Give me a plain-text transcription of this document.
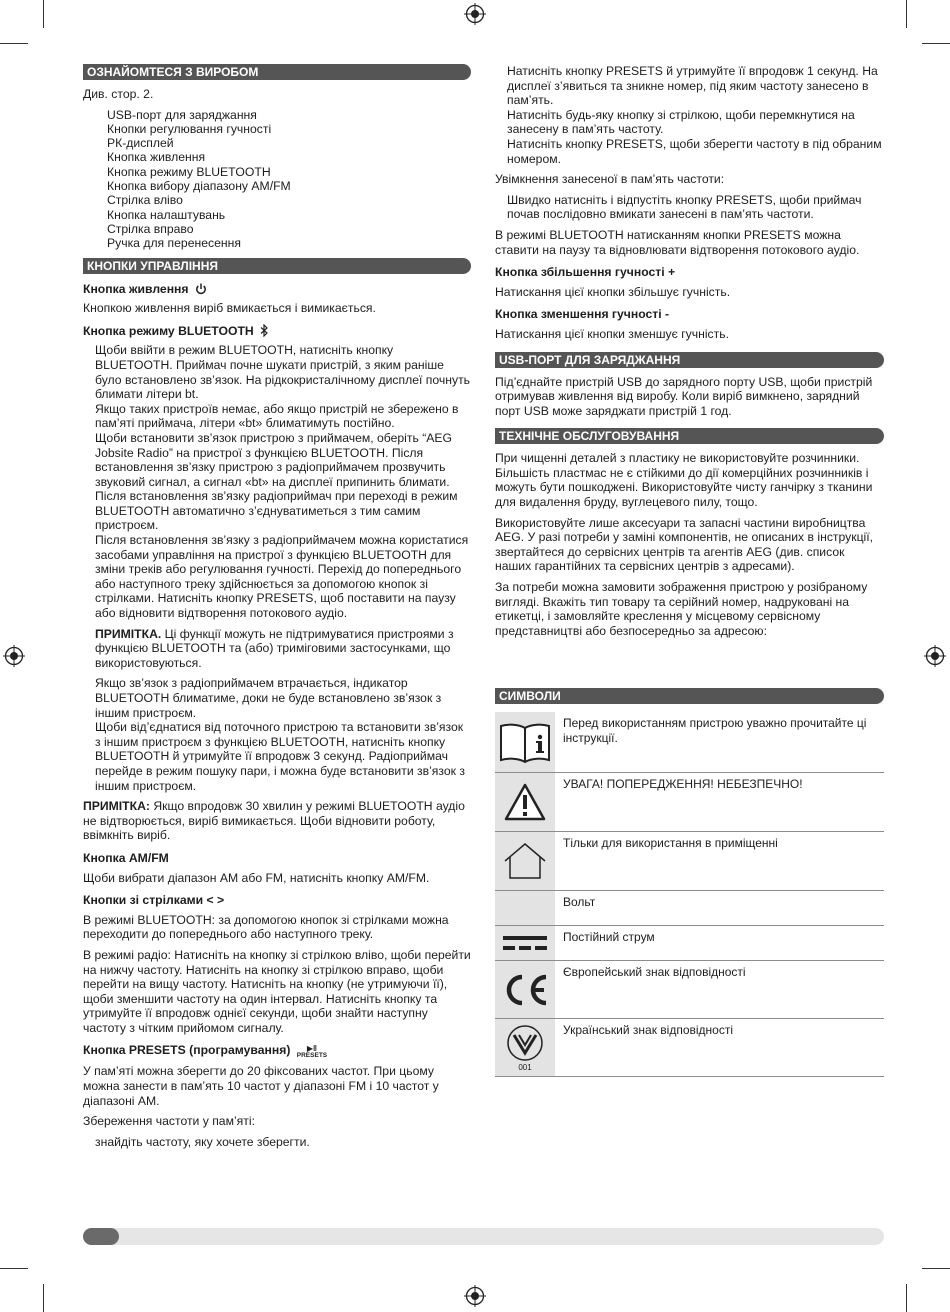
ОЗНАЙОМТЕСЯ З ВИРОБОМ
Див. стор. 2.
USB-порт для заряджання
Кнопки регулювання гучності
РК-дисплей
Кнопка живлення
Кнопка режиму BLUETOOTH
Кнопка вибору діапазону AM/FM
Стрілка вліво
Кнопка налаштувань
Стрілка вправо
Ручка для перенесення
КНОПКИ УПРАВЛІННЯ
Кнопка живлення
Кнопкою живлення виріб вмикається і вимикається.
Кнопка режиму BLUETOOTH
Щоби ввійти в режим BLUETOOTH, натисніть кнопку BLUETOOTH. Приймач почне шукати пристрій, з яким раніше було встановлено зв’язок. На рідкокристалічному дисплеї почнуть блимати літери bt.
Якщо таких пристроїв немає, або якщо пристрій не збережено в пам’яті приймача, літери «bt» блиматимуть постійно.
Щоби встановити зв’язок пристрою з приймачем, оберіть “AEG Jobsite Radio” на пристрої з функцією BLUETOOTH. Після встановлення зв’язку пристрою з радіоприймачем прозвучить звуковий сигнал, а сигнал «bt» на дисплеї припинить блимати.
Після встановлення зв’язку радіоприймач при переході в режим BLUETOOTH автоматично з’єднуватиметься з тим самим пристроєм.
Після встановлення зв’язку з радіоприймачем можна користатися засобами управління на пристрої з функцією BLUETOOTH для зміни треків або регулювання гучності. Перехід до попереднього або наступного треку здійснюється за допомогою кнопок зі стрілками. Натисніть кнопку PRESETS, щоб поставити на паузу або відновити відтворення потокового аудіо.
ПРИМІТКА. Ці функції можуть не підтримуватися пристроями з функцією BLUETOOTH та (або) триміговими застосунками, що використовуються.
Якщо зв’язок з радіоприймачем втрачається, індикатор BLUETOOTH блиматиме, доки не буде встановлено зв’язок з іншим пристроєм.
Щоби від’єднатися від поточного пристрою та встановити зв’язок з іншим пристроєм з функцією BLUETOOTH, натисніть кнопку BLUETOOTH й утримуйте її впродовж 3 секунд. Радіоприймач перейде в режим пошуку пари, і можна буде встановити зв’язок з іншим пристроєм.
ПРИМІТКА: Якщо впродовж 30 хвилин у режимі BLUETOOTH аудіо не відтворюється, виріб вимикається. Щоби відновити роботу, ввімкніть виріб.
Кнопка AM/FM
Щоби вибрати діапазон AM або FM, натисніть кнопку AM/FM.
Кнопки зі стрілками < >
В режимі BLUETOOTH: за допомогою кнопок зі стрілками можна переходити до попереднього або наступного треку.
В режимі радіо: Натисніть на кнопку зі стрілкою вліво, щоби перейти на нижчу частоту. Натисніть на кнопку зі стрілкою вправо, щоби перейти на вищу частоту. Натисніть на кнопку (не утримуючи її), щоби зменшити частоту на один інтервал. Натисніть кнопку та утримуйте її впродовж однієї секунди, щоби знайти наступну частоту з чітким прийомом сигналу.
Кнопка PRESETS (програмування)	▶ǁ
PRESETS
У пам’яті можна зберегти до 20 фіксованих частот. При цьому можна занести в пам’ять 10 частот у діапазоні FM і 10 частот у діапазоні AM.
Збереження частоти у пам’яті:
знайдіть частоту, яку хочете зберегти.
Натисніть кнопку PRESETS й утримуйте її впродовж 1 секунд. На дисплеї з’явиться та зникне номер, під яким частоту занесено в пам’ять.
Натисніть будь-яку кнопку зі стрілкою, щоби перемкнутися на занесену в пам’ять частоту.
Натисніть кнопку PRESETS, щоби зберегти частоту в під обраним номером.
Увімкнення занесеної в пам’ять частоти:
Швидко натисніть і відпустіть кнопку PRESETS, щоби приймач почав послідовно вмикати занесені в пам’ять частоти.
В режимі BLUETOOTH натисканням кнопки PRESETS можна ставити на паузу та відновлювати відтворення потокового аудіо.
Кнопка збільшення гучності +
Натискання цієї кнопки збільшує гучність.
Кнопка зменшення гучності -
Натискання цієї кнопки зменшує гучність.
USB-ПОРТ ДЛЯ ЗАРЯДЖАННЯ
Під’єднайте пристрій USB до зарядного порту USB, щоби пристрій отримував живлення від виробу. Коли виріб вимкнено, зарядний порт USB може заряджати пристрій 1 год.
ТЕХНІЧНЕ ОБСЛУГОВУВАННЯ
При чищенні деталей з пластику не використовуйте розчинники. Більшість пластмас не є стійкими до дії комерційних розчинників і можуть бути пошкоджені. Використовуйте чисту ганчірку з тканини для видалення бруду, вуглецевого пилу, тощо.
Використовуйте лише аксесуари та запасні частини виробництва AEG. У разі потреби у заміні компонентів, не описаних в інструкції, звертайтеся до сервісних центрів та агентів AEG (див. список наших гарантійних та сервісних центрів з адресами).
За потреби можна замовити зображення пристрою у розібраному вигляді. Вкажіть тип товару та серійний номер, надруковані на етикетці, і замовляйте креслення у місцевому сервісному представництві або безпосередньо за адресою:
СИМВОЛИ
Перед використанням пристрою уважно прочитайте ці інструкції.
УВАГА! ПОПЕРЕДЖЕННЯ! НЕБЕЗПЕЧНО!
Тільки для використання в приміщенні
Вольт
Постійний струм
Європейський знак відповідності
001
Український знак відповідності
